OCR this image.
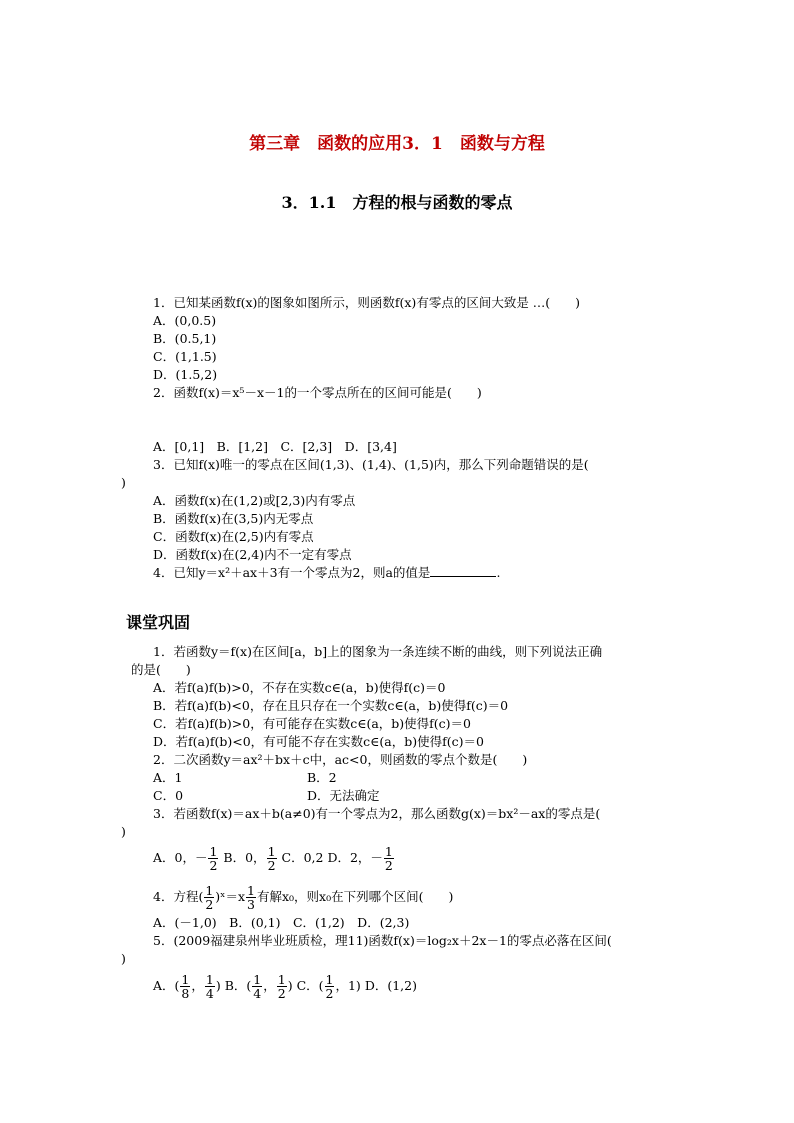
第三章　函数的应用3．1　函数与方程
3．1.1　方程的根与函数的零点
1．已知某函数f(x)的图象如图所示，则函数f(x)有零点的区间大致是 …(　　)
A．(0,0.5)
B．(0.5,1)
C．(1,1.5)
D．(1.5,2)
2．函数f(x)＝x⁵－x－1的一个零点所在的区间可能是(　　)
A．[0,1]　B．[1,2]　C．[2,3]　D．[3,4]
3．已知f(x)唯一的零点在区间(1,3)、(1,4)、(1,5)内，那么下列命题错误的是(
)
A．函数f(x)在(1,2)或[2,3)内有零点
B．函数f(x)在(3,5)内无零点
C．函数f(x)在(2,5)内有零点
D．函数f(x)在(2,4)内不一定有零点
4．已知y＝x²＋ax＋3有一个零点为2，则a的值是	.
课堂巩固
1．若函数y＝f(x)在区间[a，b]上的图象为一条连续不断的曲线，则下列说法正确
的是(　　)
A．若f(a)f(b)>0，不存在实数c∈(a，b)使得f(c)＝0
B．若f(a)f(b)<0，存在且只存在一个实数c∈(a，b)使得f(c)＝0
C．若f(a)f(b)>0，有可能存在实数c∈(a，b)使得f(c)＝0
D．若f(a)f(b)<0，有可能不存在实数c∈(a，b)使得f(c)＝0
2．二次函数y＝ax²＋bx＋c中，ac<0，则函数的零点个数是(　　)
A．1	B．2
C．0	D．无法确定
3．若函数f(x)＝ax＋b(a≠0)有一个零点为2，那么函数g(x)＝bx²－ax的零点是(
)
A．0，－ $\frac{1}{2}$ B．0， $\frac{1}{2}$ C．0,2 D．2，－ $\frac{1}{2}$
4．方程( $\frac{1}{2}$ )ˣ＝x $\frac{1}{3}$ 有解x₀，则x₀在下列哪个区间(　　)
A．(－1,0)　B．(0,1)　C．(1,2)　D．(2,3)
5．(2009福建泉州毕业班质检，理11)函数f(x)＝log₂x＋2x－1的零点必落在区间(
)
A．( $\frac{1}{8}$ ， $\frac{1}{4}$ ) B．( $\frac{1}{4}$ ， $\frac{1}{2}$ ) C．( $\frac{1}{2}$ ，1) D．(1,2)
